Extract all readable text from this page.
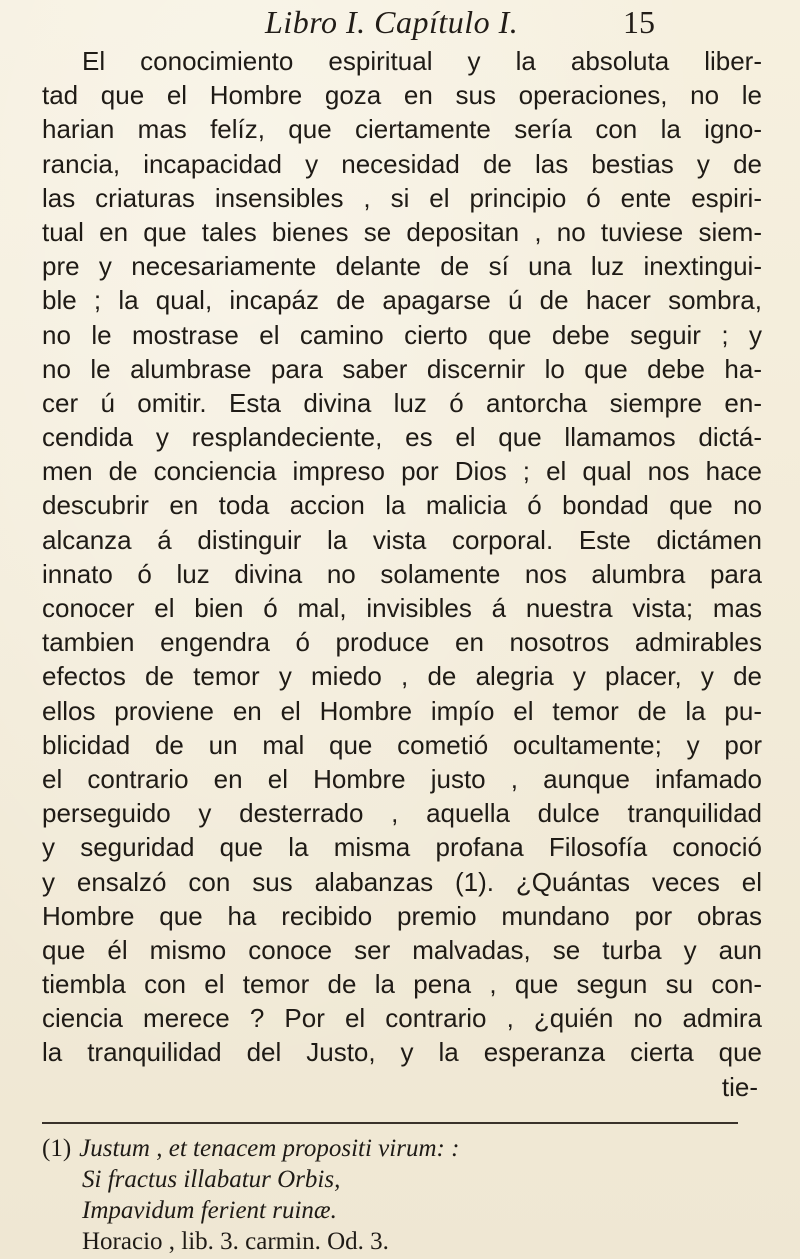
Libro I. Capítulo I.	15
El conocimiento espiritual y la absoluta liber-
tad que el Hombre goza en sus operaciones, no le
harian mas felíz, que ciertamente sería con la igno-
rancia, incapacidad y necesidad de las bestias y de
las criaturas insensibles , si el principio ó ente espiri-
tual en que tales bienes se depositan , no tuviese siem-
pre y necesariamente delante de sí una luz inextingui-
ble ; la qual, incapáz de apagarse ú de hacer sombra,
no le mostrase el camino cierto que debe seguir ; y
no le alumbrase para saber discernir lo que debe ha-
cer ú omitir. Esta divina luz ó antorcha siempre en-
cendida y resplandeciente, es el que llamamos dictá-
men de conciencia impreso por Dios ; el qual nos hace
descubrir en toda accion la malicia ó bondad que no
alcanza á distinguir la vista corporal. Este dictámen
innato ó luz divina no solamente nos alumbra para
conocer el bien ó mal, invisibles á nuestra vista; mas
tambien engendra ó produce en nosotros admirables
efectos de temor y miedo , de alegria y placer, y de
ellos proviene en el Hombre impío el temor de la pu-
blicidad de un mal que cometió ocultamente; y por
el contrario en el Hombre justo , aunque infamado
perseguido y desterrado , aquella dulce tranquilidad
y seguridad que la misma profana Filosofía conoció
y ensalzó con sus alabanzas (1). ¿Quántas veces el
Hombre que ha recibido premio mundano por obras
que él mismo conoce ser malvadas, se turba y aun
tiembla con el temor de la pena , que segun su con-
ciencia merece ? Por el contrario , ¿quién no admira
la tranquilidad del Justo, y la esperanza cierta que
tie-
(1) Justum , et tenacem propositi virum: :
Si fractus illabatur Orbis,
Impavidum ferient ruinæ.
Horacio , lib. 3. carmin. Od. 3.
